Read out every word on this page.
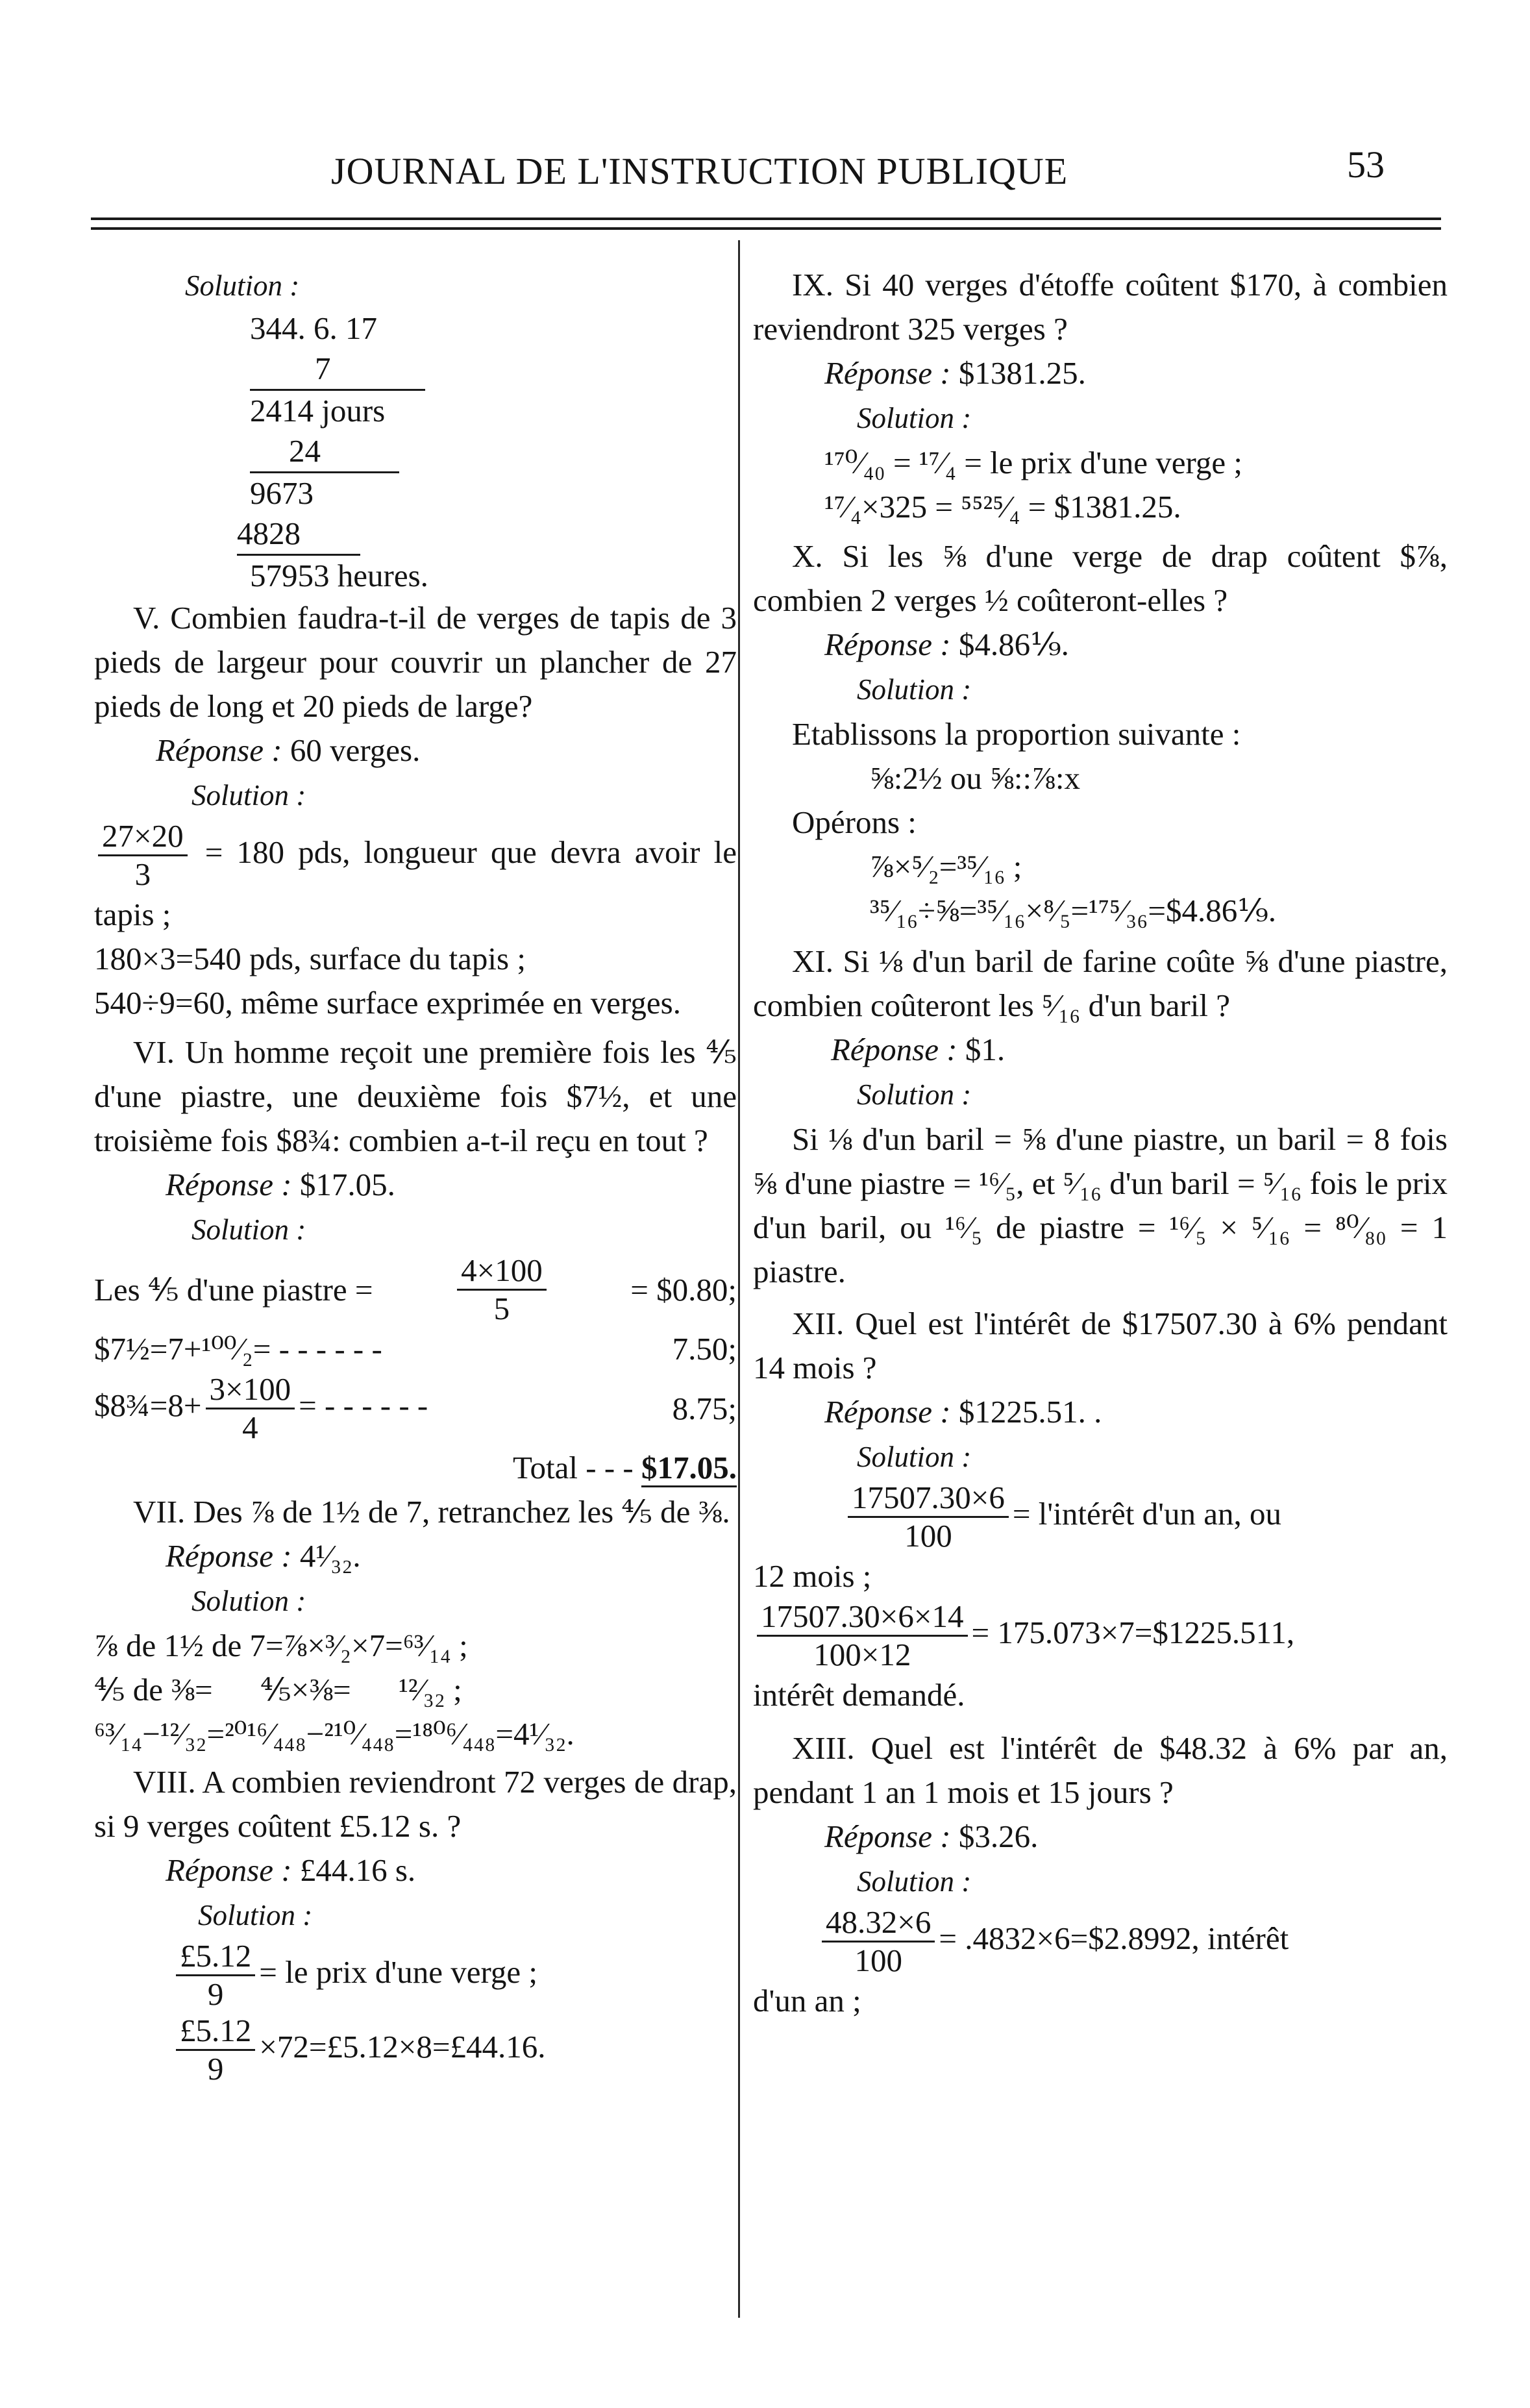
JOURNAL DE L'INSTRUCTION PUBLIQUE	53
Solution :
344. 6. 17
7
2414 jours
24
9673
4828
57953 heures.

V. Combien faudra-t-il de verges de tapis de 3 pieds de largeur pour couvrir un plancher de 27 pieds de long et 20 pieds de large?

Réponse : 60 verges.
Solution :
$\frac{27\times 20}{3} = 180$ pds, longueur que devra avoir le tapis ;

180×3=540 pds, surface du tapis ;

540÷9=60, même surface exprimée en verges.

VI. Un homme reçoit une première fois les ⅘ d'une piastre, une deuxième fois $7½, et une troisième fois $8¾: combien a-t-il reçu en tout ?

Réponse : $17.05.
Solution :
Les ⅘ d'une piastre =	$\frac{4\times 100}{5}$	= $0.80;
$7½=7+¹⁰⁰⁄₂= - - - - - -	7.50;
$8¾=8+ $\frac{3\times 100}{4}$ = - - - - - -	8.75;
Total - - - $17.05.

VII. Des ⅞ de 1½ de 7, retranchez les ⅘ de ⅜.

Réponse : 4¹⁄₃₂.
Solution :

⅞ de 1½ de 7=⅞×³⁄₂×7=⁶³⁄₁₄ ;

⅘ de ⅜=      ⅘×⅜=      ¹²⁄₃₂ ;

⁶³⁄₁₄−¹²⁄₃₂=²⁰¹⁶⁄₄₄₈−²¹⁰⁄₄₄₈=¹⁸⁰⁶⁄₄₄₈=4¹⁄₃₂.

VIII. A combien reviendront 72 verges de drap, si 9 verges coûtent £5.12 s. ?

Réponse : £44.16 s.
Solution :
$\frac{£5.12}{9}$ = le prix d'une verge ;
$\frac{£5.12}{9}$ ×72=£5.12×8=£44.16.

IX. Si 40 verges d'étoffe coûtent $170, à combien reviendront 325 verges ?

Réponse : $1381.25.
Solution :

¹⁷⁰⁄₄₀ = ¹⁷⁄₄ = le prix d'une verge ;

¹⁷⁄₄×325 = ⁵⁵²⁵⁄₄ = $1381.25.

X. Si les ⅝ d'une verge de drap coûtent $⅞, combien 2 verges ½ coûteront-elles ?

Réponse : $4.86⅑.
Solution :

Etablissons la proportion suivante :

⅝:2½ ou ⅝::⅞:x

Opérons :

⅞×⁵⁄₂=³⁵⁄₁₆ ;

³⁵⁄₁₆÷⅝=³⁵⁄₁₆×⁸⁄₅=¹⁷⁵⁄₃₆=$4.86⅑.

XI. Si ⅛ d'un baril de farine coûte ⅝ d'une piastre, combien coûteront les ⁵⁄₁₆ d'un baril ?

Réponse : $1.
Solution :

Si ⅛ d'un baril = ⅝ d'une piastre, un baril = 8 fois ⅝ d'une piastre = ¹⁶⁄₅, et ⁵⁄₁₆ d'un baril = ⁵⁄₁₆ fois le prix d'un baril, ou ¹⁶⁄₅ de piastre = ¹⁶⁄₅ × ⁵⁄₁₆ = ⁸⁰⁄₈₀ = 1 piastre.

XII. Quel est l'intérêt de $17507.30 à 6% pendant 14 mois ?

Réponse : $1225.51. .
Solution :
$\frac{17507.30\times 6}{100}$ = l'intérêt d'un an, ou

12 mois ;

$\frac{17507.30\times 6\times 14}{100\times 12}$ = 175.073×7=$1225.511,

intérêt demandé.

XIII. Quel est l'intérêt de $48.32 à 6% par an, pendant 1 an 1 mois et 15 jours ?

Réponse : $3.26.
Solution :
$\frac{48.32\times 6}{100}$ = .4832×6=$2.8992, intérêt

d'un an ;
